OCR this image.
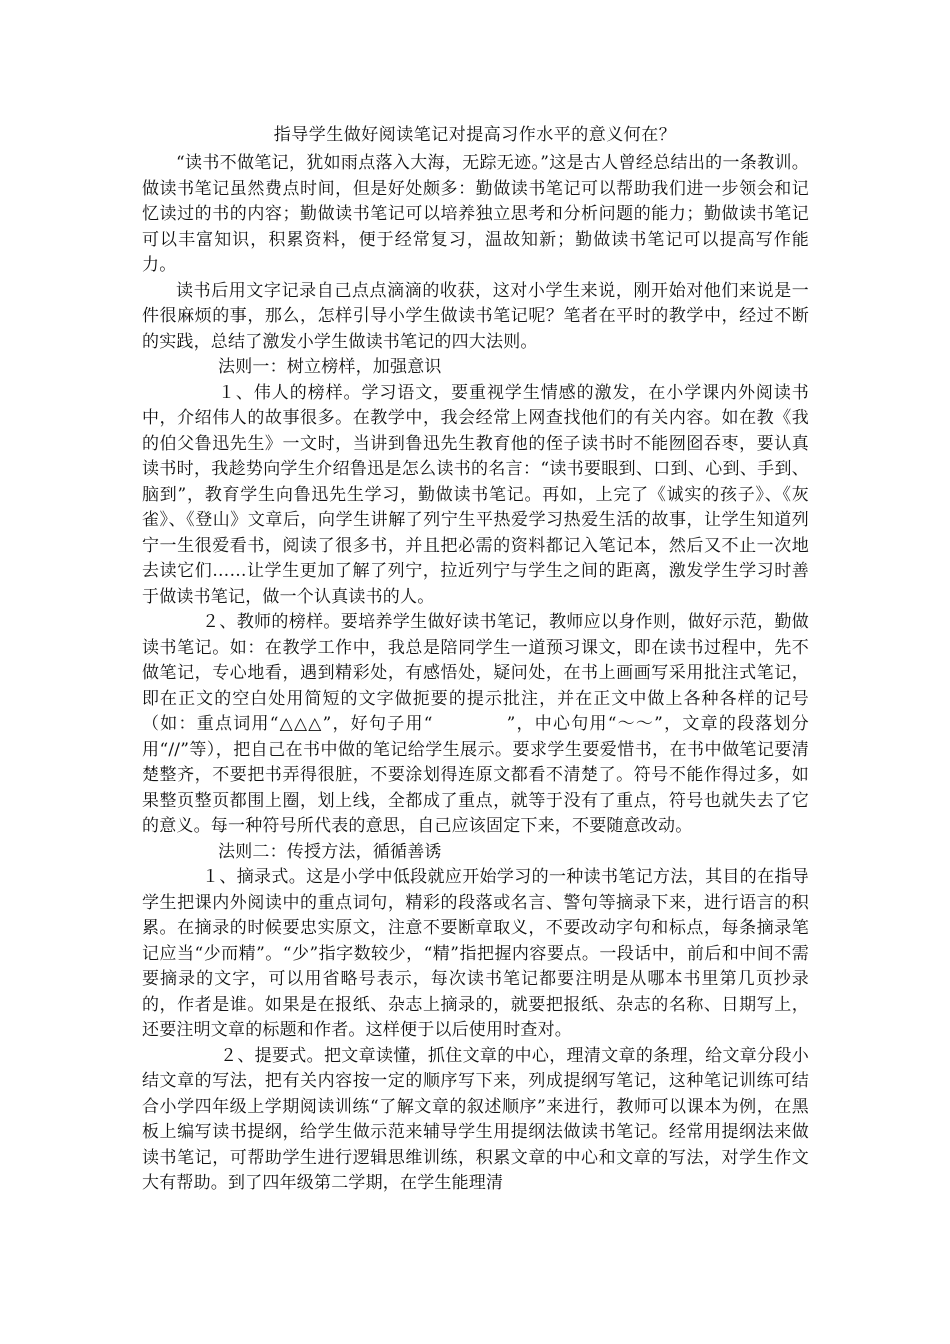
指导学生做好阅读笔记对提高习作水平的意义何在？

“读书不做笔记，犹如雨点落入大海，无踪无迹。”这是古人曾经总结出的一条教训。做读书笔记虽然费点时间，但是好处颇多：勤做读书笔记可以帮助我们进一步领会和记忆读过的书的内容；勤做读书笔记可以培养独立思考和分析问题的能力；勤做读书笔记可以丰富知识，积累资料，便于经常复习，温故知新；勤做读书笔记可以提高写作能力。

读书后用文字记录自己点点滴滴的收获，这对小学生来说，刚开始对他们来说是一件很麻烦的事，那么，怎样引导小学生做读书笔记呢？笔者在平时的教学中，经过不断的实践，总结了激发小学生做读书笔记的四大法则。

法则一：树立榜样，加强意识

１、伟人的榜样。学习语文，要重视学生情感的激发，在小学课内外阅读书中，介绍伟人的故事很多。在教学中，我会经常上网查找他们的有关内容。如在教《我的伯父鲁迅先生》一文时，当讲到鲁迅先生教育他的侄子读书时不能囫囵吞枣，要认真读书时，我趁势向学生介绍鲁迅是怎么读书的名言：“读书要眼到、口到、心到、手到、脑到”，教育学生向鲁迅先生学习，勤做读书笔记。再如，上完了《诚实的孩子》、《灰雀》、《登山》文章后，向学生讲解了列宁生平热爱学习热爱生活的故事，让学生知道列宁一生很爱看书，阅读了很多书，并且把必需的资料都记入笔记本，然后又不止一次地去读它们……让学生更加了解了列宁，拉近列宁与学生之间的距离，激发学生学习时善于做读书笔记，做一个认真读书的人。

２、教师的榜样。要培养学生做好读书笔记，教师应以身作则，做好示范，勤做读书笔记。如：在教学工作中，我总是陪同学生一道预习课文，即在读书过程中，先不做笔记，专心地看，遇到精彩处，有感悟处，疑问处，在书上画画写采用批注式笔记，即在正文的空白处用简短的文字做扼要的提示批注，并在正文中做上各种各样的记号（如：重点词用“△△△”，好句子用“　　　　”，中心句用“～～”，文章的段落划分用“//”等），把自己在书中做的笔记给学生展示。要求学生要爱惜书，在书中做笔记要清楚整齐，不要把书弄得很脏，不要涂划得连原文都看不清楚了。符号不能作得过多，如果整页整页都围上圈，划上线，全都成了重点，就等于没有了重点，符号也就失去了它的意义。每一种符号所代表的意思，自己应该固定下来，不要随意改动。

法则二：传授方法，循循善诱

１、摘录式。这是小学中低段就应开始学习的一种读书笔记方法，其目的在指导学生把课内外阅读中的重点词句，精彩的段落或名言、警句等摘录下来，进行语言的积累。在摘录的时候要忠实原文，注意不要断章取义，不要改动字句和标点，每条摘录笔记应当“少而精”。“少”指字数较少，“精”指把握内容要点。一段话中，前后和中间不需要摘录的文字，可以用省略号表示，每次读书笔记都要注明是从哪本书里第几页抄录的，作者是谁。如果是在报纸、杂志上摘录的，就要把报纸、杂志的名称、日期写上，还要注明文章的标题和作者。这样便于以后使用时查对。

２、提要式。把文章读懂，抓住文章的中心，理清文章的条理，给文章分段小结文章的写法，把有关内容按一定的顺序写下来，列成提纲写笔记，这种笔记训练可结合小学四年级上学期阅读训练“了解文章的叙述顺序”来进行，教师可以课本为例，在黑板上编写读书提纲，给学生做示范来辅导学生用提纲法做读书笔记。经常用提纲法来做读书笔记，可帮助学生进行逻辑思维训练，积累文章的中心和文章的写法，对学生作文大有帮助。到了四年级第二学期，在学生能理清
